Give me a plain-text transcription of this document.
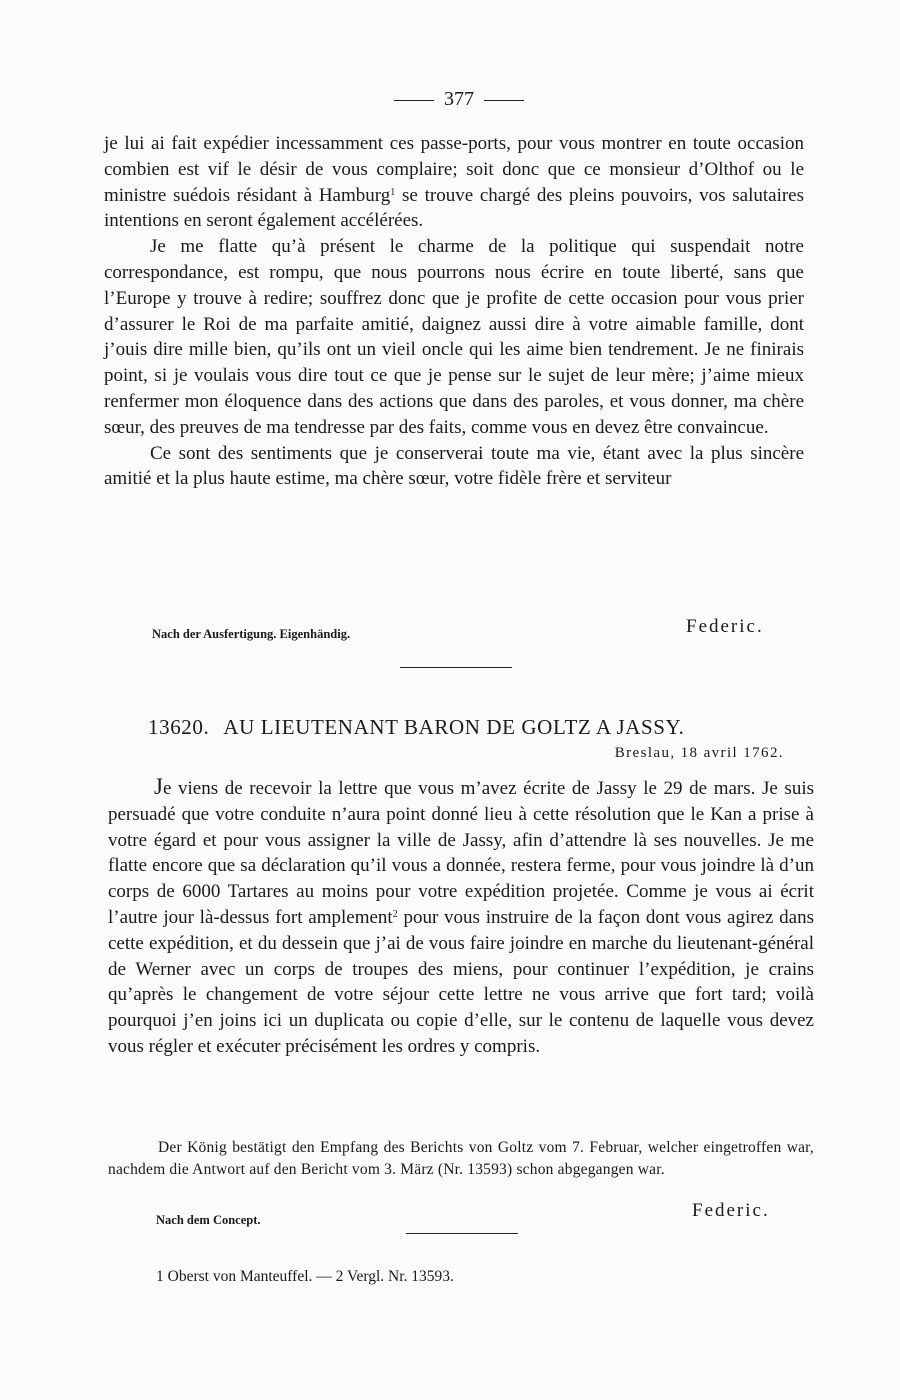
377

je lui ai fait expédier incessamment ces passe-ports, pour vous montrer en toute occasion combien est vif le désir de vous complaire; soit donc que ce monsieur d’Olthof ou le ministre suédois résidant à Hamburg$^1$ se trouve chargé des pleins pouvoirs, vos salutaires intentions en seront également accélérées.

Je me flatte qu’à présent le charme de la politique qui suspendait notre correspondance, est rompu, que nous pourrons nous écrire en toute liberté, sans que l’Europe y trouve à redire; souffrez donc que je profite de cette occasion pour vous prier d’assurer le Roi de ma parfaite amitié, daignez aussi dire à votre aimable famille, dont j’ouis dire mille bien, qu’ils ont un vieil oncle qui les aime bien tendrement. Je ne finirais point, si je voulais vous dire tout ce que je pense sur le sujet de leur mère; j’aime mieux renfermer mon éloquence dans des actions que dans des paroles, et vous donner, ma chère sœur, des preuves de ma tendresse par des faits, comme vous en devez être convaincue.

Ce sont des sentiments que je conserverai toute ma vie, étant avec la plus sincère amitié et la plus haute estime, ma chère sœur, votre fidèle frère et serviteur

Nach der Ausfertigung. Eigenhändig.	Federic.
13620. AU LIEUTENANT BARON DE GOLTZ A JASSY.
Breslau, 18 avril 1762.

Je viens de recevoir la lettre que vous m’avez écrite de Jassy le 29 de mars. Je suis persuadé que votre conduite n’aura point donné lieu à cette résolution que le Kan a prise à votre égard et pour vous assigner la ville de Jassy, afin d’attendre là ses nouvelles. Je me flatte encore que sa déclaration qu’il vous a donnée, restera ferme, pour vous joindre là d’un corps de 6000 Tartares au moins pour votre expédition projetée. Comme je vous ai écrit l’autre jour là-dessus fort amplement$^2$ pour vous instruire de la façon dont vous agirez dans cette expédition, et du dessein que j’ai de vous faire joindre en marche du lieutenant-général de Werner avec un corps de troupes des miens, pour continuer l’expédition, je crains qu’après le changement de votre séjour cette lettre ne vous arrive que fort tard; voilà pourquoi j’en joins ici un duplicata ou copie d’elle, sur le contenu de laquelle vous devez vous régler et exécuter précisément les ordres y compris.

Der König bestätigt den Empfang des Berichts von Goltz vom 7. Februar, welcher eingetroffen war, nachdem die Antwort auf den Bericht vom 3. März (Nr. 13593) schon abgegangen war.

Nach dem Concept.	Federic.
1 Oberst von Manteuffel. — 2 Vergl. Nr. 13593.
